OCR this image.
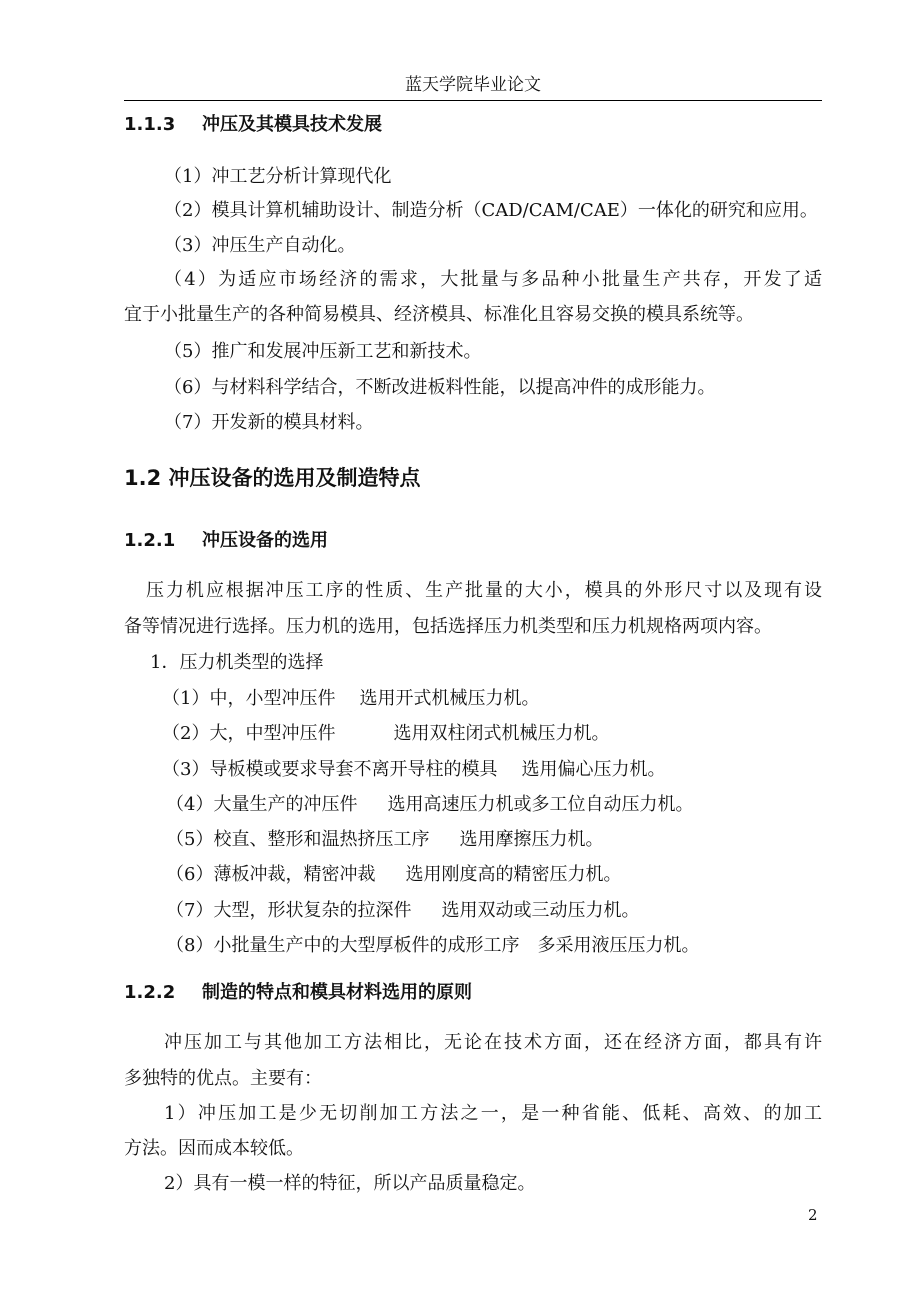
蓝天学院毕业论文
1.1.3 冲压及其模具技术发展
（1）冲工艺分析计算现代化
（2）模具计算机辅助设计、制造分析（CAD/CAM/CAE）一体化的研究和应用。
（3）冲压生产自动化。
（4）为适应市场经济的需求，大批量与多品种小批量生产共存，开发了适
宜于小批量生产的各种简易模具、经济模具、标准化且容易交换的模具系统等。
（5）推广和发展冲压新工艺和新技术。
（6）与材料科学结合，不断改进板料性能，以提高冲件的成形能力。
（7）开发新的模具材料。
1.2 冲压设备的选用及制造特点
1.2.1 冲压设备的选用
压力机应根据冲压工序的性质、生产批量的大小，模具的外形尺寸以及现有设
备等情况进行选择。压力机的选用，包括选择压力机类型和压力机规格两项内容。
1．压力机类型的选择
（1）中，小型冲压件 选用开式机械压力机。
（2）大，中型冲压件	选用双柱闭式机械压力机。
（3）导板模或要求导套不离开导柱的模具 选用偏心压力机。
（4）大量生产的冲压件 选用高速压力机或多工位自动压力机。
（5）校直、整形和温热挤压工序 选用摩擦压力机。
（6）薄板冲裁，精密冲裁 选用刚度高的精密压力机。
（7）大型，形状复杂的拉深件 选用双动或三动压力机。
（8）小批量生产中的大型厚板件的成形工序 多采用液压压力机。
1.2.2 制造的特点和模具材料选用的原则
冲压加工与其他加工方法相比，无论在技术方面，还在经济方面，都具有许
多独特的优点。主要有：
1）冲压加工是少无切削加工方法之一，是一种省能、低耗、高效、的加工
方法。因而成本较低。
2）具有一模一样的特征，所以产品质量稳定。
2
